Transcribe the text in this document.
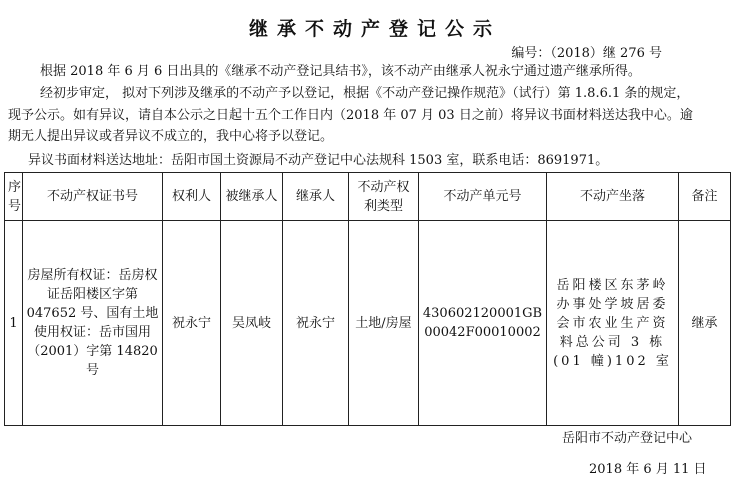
继承不动产登记公示
编号：（2018）继 276 号
根据 2018 年 6 月 6 日出具的《继承不动产登记具结书》，该不动产由继承人祝永宁通过遗产继承所得。
经初步审定， 拟对下列涉及继承的不动产予以登记，根据《不动产登记操作规范》（试行）第 1.8.6.1 条的规定，
现予公示。如有异议，请自本公示之日起十五个工作日内（2018 年 07 月 03 日之前）将异议书面材料送达我中心。逾
期无人提出异议或者异议不成立的，我中心将予以登记。
异议书面材料送达地址：岳阳市国土资源局不动产登记中心法规科 1503 室，联系电话：8691971。
序号	不动产权证书号	权利人	被继承人	继承人	不动产权利类型	不动产单元号	不动产坐落	备注
1	房屋所有权证：岳房权证岳阳楼区字第 047652 号、国有土地使用权证：岳市国用（2001）字第 14820 号	祝永宁	吴凤岐	祝永宁	土地/房屋	430602120001GB00042F00010002	岳阳楼区东茅岭办事处学坡居委会市农业生产资料总公司 3 栋(01 幢)102 室	继承
岳阳市不动产登记中心
2018 年 6 月 11 日
